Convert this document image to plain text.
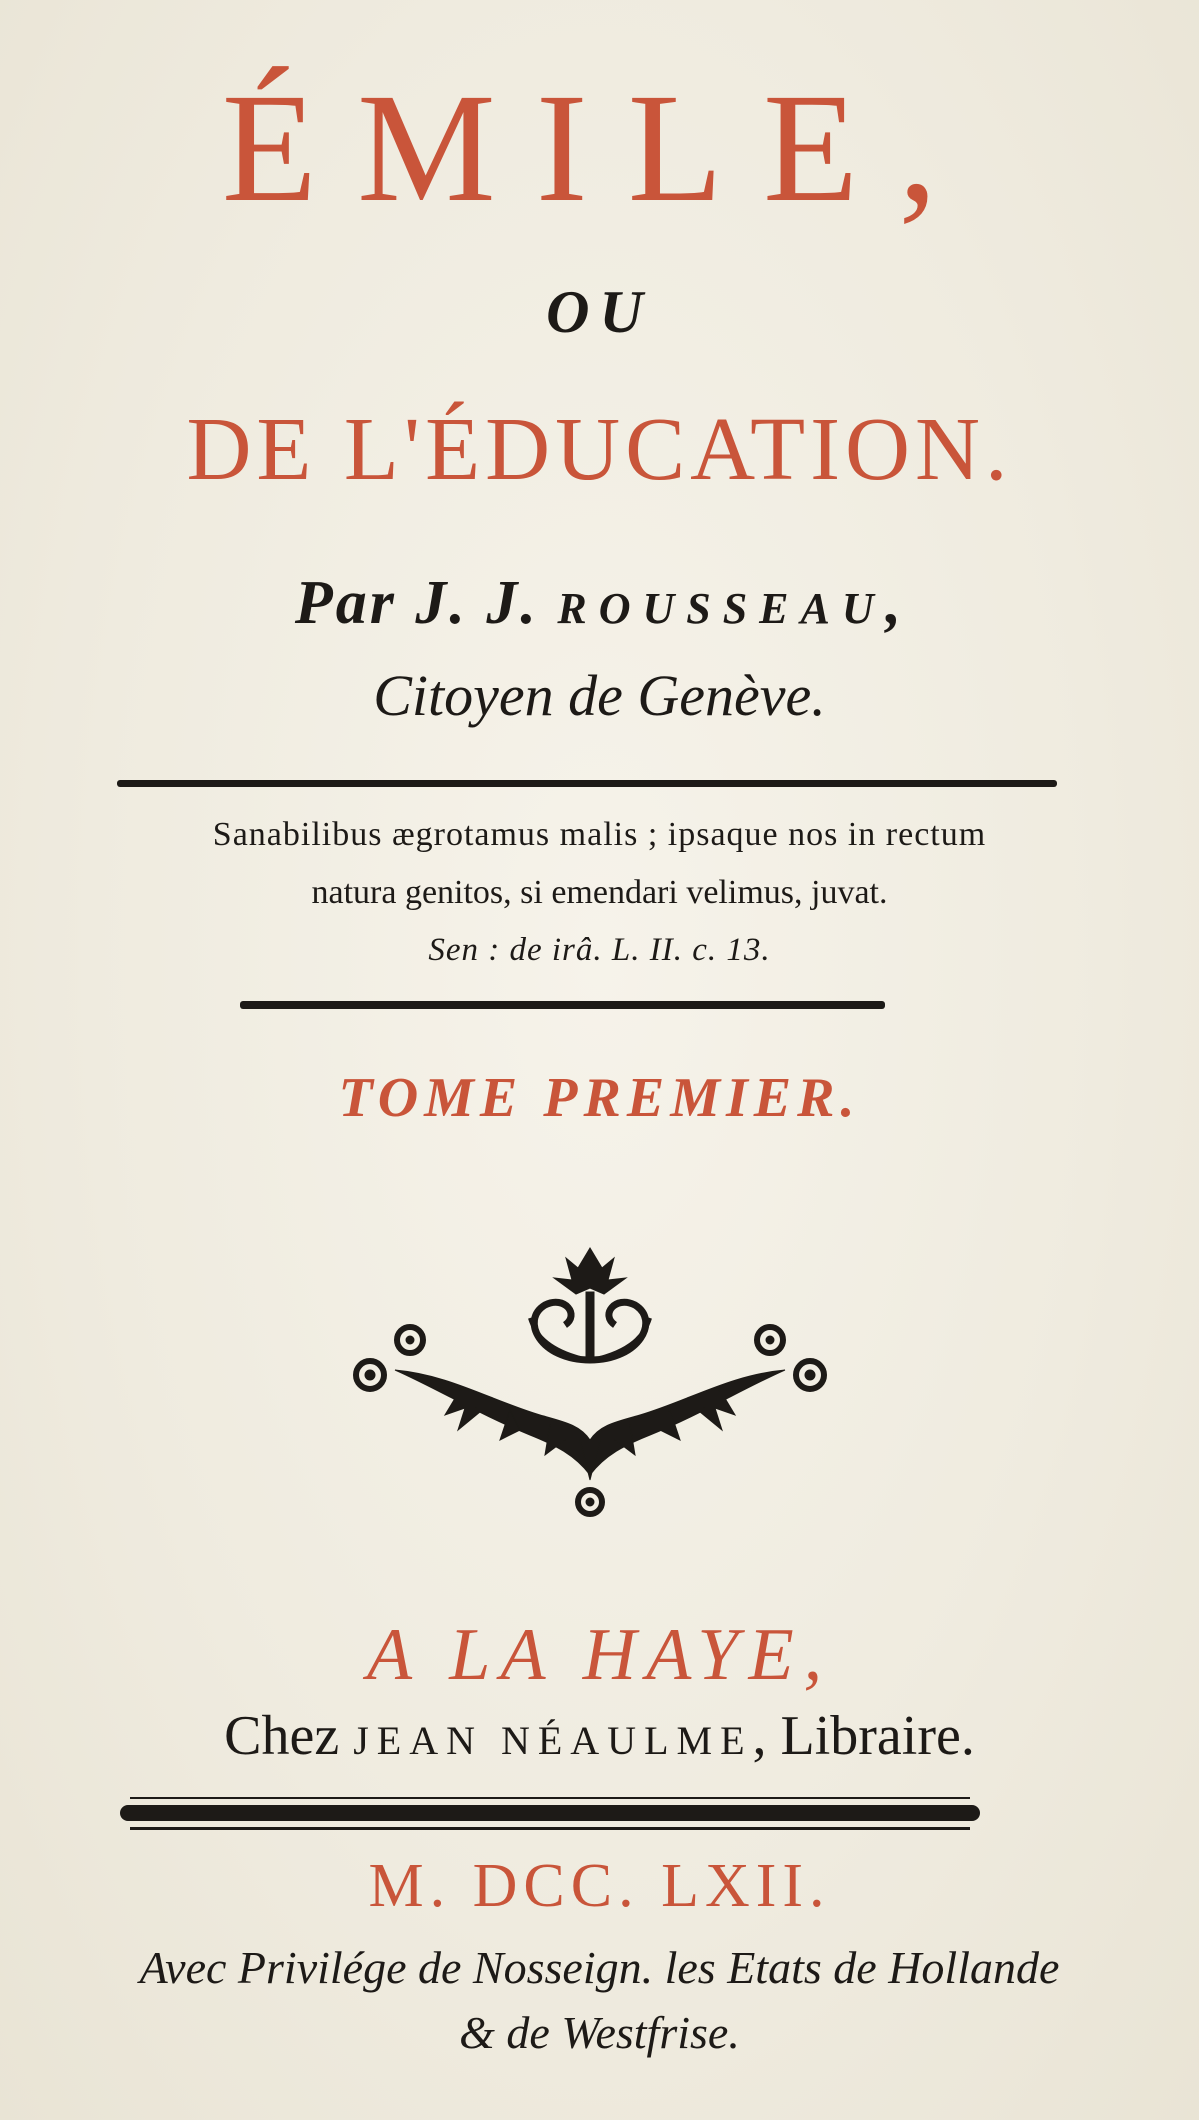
ÉMILE,
OU
DE L'ÉDUCATION.
Par J. J. ROUSSEAU,
Citoyen de Genève.
Sanabilibus ægrotamus malis ; ipsaque nos in rectum
natura genitos, si emendari velimus, juvat.
Sen : de irâ. L. II. c. 13.
TOME PREMIER.
A LA HAYE,
Chez JEAN NÉAULME, Libraire.
M. DCC. LXII.
Avec Privilége de Nosseign. les Etats de Hollande
& de Westfrise.
